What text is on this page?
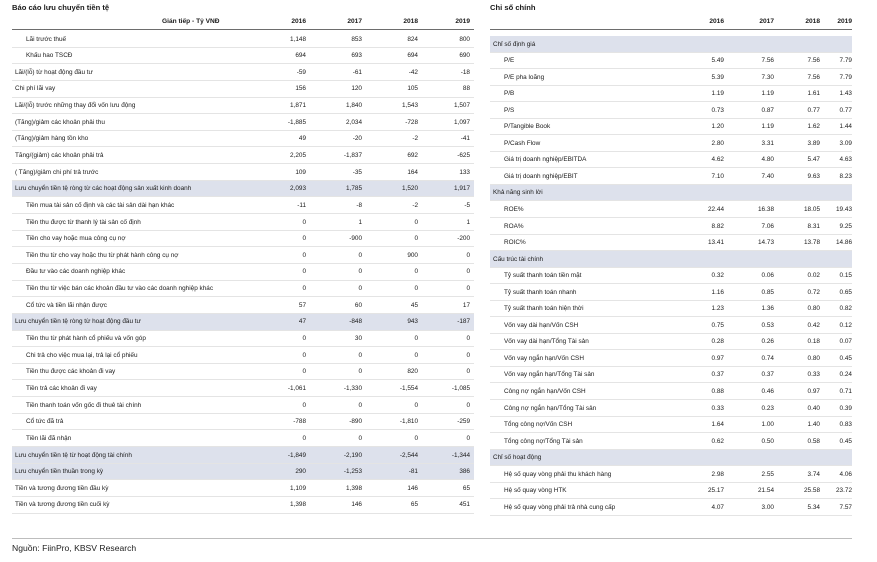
Báo cáo lưu chuyển tiền tệ
Gián tiếp - Tỷ VNĐ	2016	2017	2018	2019
Lãi trước thuế	1,148	853	824	800
Khấu hao TSCĐ	694	693	694	690
Lãi/(lỗ) từ hoạt động đầu tư	-59	-61	-42	-18
Chi phí lãi vay	156	120	105	88
Lãi/(lỗ) trước những thay đổi vốn lưu động	1,871	1,840	1,543	1,507
(Tăng)/giảm các khoản phải thu	-1,885	2,034	-728	1,097
(Tăng)/giảm hàng tồn kho	49	-20	-2	-41
Tăng/(giảm) các khoản phải trả	2,205	-1,837	692	-625
( Tăng)/giảm chi phí trả trước	109	-35	164	133
Lưu chuyển tiền tệ ròng từ các hoạt động sản xuất kinh doanh	2,093	1,785	1,520	1,917
Tiền mua tài sản cố định và các tài sản dài hạn khác	-11	-8	-2	-5
Tiền thu được từ thanh lý tài sản cố định	0	1	0	1
Tiền cho vay hoặc mua công cụ nợ	0	-900	0	-200
Tiền thu từ cho vay hoặc thu từ phát hành công cụ nợ	0	0	900	0
Đầu tư vào các doanh nghiệp khác	0	0	0	0
Tiền thu từ việc bán các khoản đầu tư vào các doanh nghiệp khác	0	0	0	0
Cổ tức và tiền lãi nhận được	57	60	45	17
Lưu chuyển tiền tệ ròng từ hoạt động đầu tư	47	-848	943	-187
Tiền thu từ phát hành cổ phiếu và vốn góp	0	30	0	0
Chi trả cho việc mua lại, trả lại cổ phiếu	0	0	0	0
Tiền thu được các khoản đi vay	0	0	820	0
Tiền trả các khoản đi vay	-1,061	-1,330	-1,554	-1,085
Tiền thanh toán vốn gốc đi thuê tài chính	0	0	0	0
Cổ tức đã trả	-788	-890	-1,810	-259
Tiền lãi đã nhận	0	0	0	0
Lưu chuyển tiền tệ từ hoạt động tài chính	-1,849	-2,190	-2,544	-1,344
Lưu chuyển tiền thuần trong kỳ	290	-1,253	-81	386
Tiền và tương đương tiền đầu kỳ	1,109	1,398	146	65
Tiền và tương đương tiền cuối kỳ	1,398	146	65	451
Chỉ số chính
2016	2017	2018	2019
Chỉ số định giá
P/E	5.49	7.56	7.56	7.79
P/E pha loãng	5.39	7.30	7.56	7.79
P/B	1.19	1.19	1.61	1.43
P/S	0.73	0.87	0.77	0.77
P/Tangible Book	1.20	1.19	1.62	1.44
P/Cash Flow	2.80	3.31	3.89	3.09
Giá trị doanh nghiệp/EBITDA	4.62	4.80	5.47	4.63
Giá trị doanh nghiệp/EBIT	7.10	7.40	9.63	8.23
Khả năng sinh lời
ROE%	22.44	16.38	18.05	19.43
ROA%	8.82	7.06	8.31	9.25
ROIC%	13.41	14.73	13.78	14.86
Cấu trúc tài chính
Tỷ suất thanh toán tiền mặt	0.32	0.06	0.02	0.15
Tỷ suất thanh toán nhanh	1.16	0.85	0.72	0.65
Tỷ suất thanh toán hiện thời	1.23	1.36	0.80	0.82
Vốn vay dài hạn/Vốn CSH	0.75	0.53	0.42	0.12
Vốn vay dài hạn/Tổng Tài sản	0.28	0.26	0.18	0.07
Vốn vay ngắn hạn/Vốn CSH	0.97	0.74	0.80	0.45
Vốn vay ngắn hạn/Tổng Tài sản	0.37	0.37	0.33	0.24
Công nợ ngắn hạn/Vốn CSH	0.88	0.46	0.97	0.71
Công nợ ngắn hạn/Tổng Tài sản	0.33	0.23	0.40	0.39
Tổng công nợ/Vốn CSH	1.64	1.00	1.40	0.83
Tổng công nợ/Tổng Tài sản	0.62	0.50	0.58	0.45
Chỉ số hoạt động
Hệ số quay vòng phải thu khách hàng	2.98	2.55	3.74	4.06
Hệ số quay vòng HTK	25.17	21.54	25.58	23.72
Hệ số quay vòng phải trả nhà cung cấp	4.07	3.00	5.34	7.57
Nguồn: FiinPro, KBSV Research
